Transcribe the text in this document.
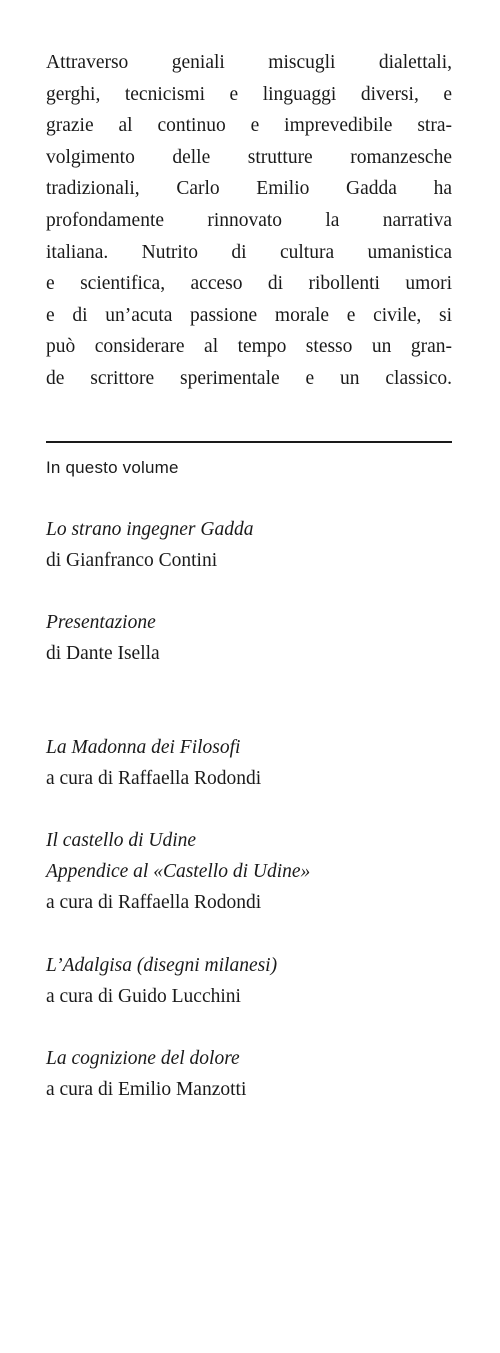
Attraverso geniali miscugli dialettali,
gerghi, tecnicismi e linguaggi diversi, e
grazie al continuo e imprevedibile stra-
volgimento delle strutture romanzesche
tradizionali, Carlo Emilio Gadda ha
profondamente rinnovato la narrativa
italiana. Nutrito di cultura umanistica
e scientifica, acceso di ribollenti umori
e di un’acuta passione morale e civile, si
può considerare al tempo stesso un gran-
de scrittore sperimentale e un classico.
In questo volume
Lo strano ingegner Gadda
di Gianfranco Contini
Presentazione
di Dante Isella
La Madonna dei Filosofi
a cura di Raffaella Rodondi
Il castello di Udine
Appendice al «Castello di Udine»
a cura di Raffaella Rodondi
L’Adalgisa (disegni milanesi)
a cura di Guido Lucchini
La cognizione del dolore
a cura di Emilio Manzotti
